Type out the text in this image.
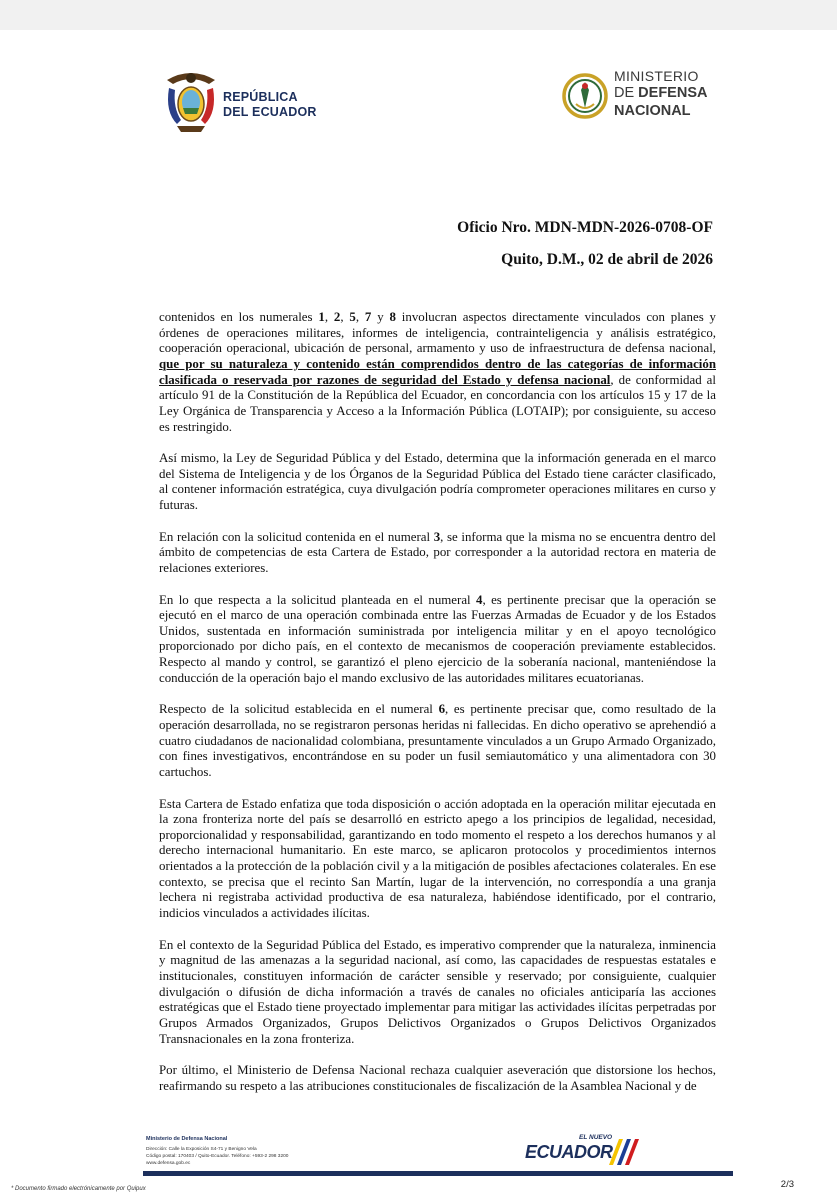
REPÚBLICA
DEL ECUADOR
MINISTERIO
DE DEFENSA
NACIONAL
Oficio Nro. MDN-MDN-2026-0708-OF
Quito, D.M., 02 de abril de 2026

contenidos en los numerales 1, 2, 5, 7 y 8 involucran aspectos directamente vinculados con planes y órdenes de operaciones militares, informes de inteligencia, contrainteligencia y análisis estratégico, cooperación operacional, ubicación de personal, armamento y uso de infraestructura de defensa nacional, que por su naturaleza y contenido están comprendidos dentro de las categorías de información clasificada o reservada por razones de seguridad del Estado y defensa nacional, de conformidad al artículo 91 de la Constitución de la República del Ecuador, en concordancia con los artículos 15 y 17 de la Ley Orgánica de Transparencia y Acceso a la Información Pública (LOTAIP); por consiguiente, su acceso es restringido.

Así mismo, la Ley de Seguridad Pública y del Estado, determina que la información generada en el marco del Sistema de Inteligencia y de los Órganos de la Seguridad Pública del Estado tiene carácter clasificado, al contener información estratégica, cuya divulgación podría comprometer operaciones militares en curso y futuras.

En relación con la solicitud contenida en el numeral 3, se informa que la misma no se encuentra dentro del ámbito de competencias de esta Cartera de Estado, por corresponder a la autoridad rectora en materia de relaciones exteriores.

En lo que respecta a la solicitud planteada en el numeral 4, es pertinente precisar que la operación se ejecutó en el marco de una operación combinada entre las Fuerzas Armadas de Ecuador y de los Estados Unidos, sustentada en información suministrada por inteligencia militar y en el apoyo tecnológico proporcionado por dicho país, en el contexto de mecanismos de cooperación previamente establecidos. Respecto al mando y control, se garantizó el pleno ejercicio de la soberanía nacional, manteniéndose la conducción de la operación bajo el mando exclusivo de las autoridades militares ecuatorianas.

Respecto de la solicitud establecida en el numeral 6, es pertinente precisar que, como resultado de la operación desarrollada, no se registraron personas heridas ni fallecidas. En dicho operativo se aprehendió a cuatro ciudadanos de nacionalidad colombiana, presuntamente vinculados a un Grupo Armado Organizado, con fines investigativos, encontrándose en su poder un fusil semiautomático y una alimentadora con 30 cartuchos.

Esta Cartera de Estado enfatiza que toda disposición o acción adoptada en la operación militar ejecutada en la zona fronteriza norte del país se desarrolló en estricto apego a los principios de legalidad, necesidad, proporcionalidad y responsabilidad, garantizando en todo momento el respeto a los derechos humanos y al derecho internacional humanitario. En este marco, se aplicaron protocolos y procedimientos internos orientados a la protección de la población civil y a la mitigación de posibles afectaciones colaterales. En ese contexto, se precisa que el recinto San Martín, lugar de la intervención, no correspondía a una granja lechera ni registraba actividad productiva de esa naturaleza, habiéndose identificado, por el contrario, indicios vinculados a actividades ilícitas.

En el contexto de la Seguridad Pública del Estado, es imperativo comprender que la naturaleza, inminencia y magnitud de las amenazas a la seguridad nacional, así como, las capacidades de respuestas estatales e institucionales, constituyen información de carácter sensible y reservado; por consiguiente, cualquier divulgación o difusión de dicha información a través de canales no oficiales anticiparía las acciones estratégicas que el Estado tiene proyectado implementar para mitigar las actividades ilícitas perpetradas por Grupos Armados Organizados, Grupos Delictivos Organizados o Grupos Delictivos Organizados Transnacionales en la zona fronteriza.

Por último, el Ministerio de Defensa Nacional rechaza cualquier aseveración que distorsione los hechos, reafirmando su respeto a las atribuciones constitucionales de fiscalización de la Asamblea Nacional y de

Ministerio de Defensa Nacional
Dirección: Calle la Exposición S4-71 y Benigno Vela
Código postal: 170403 / Quito-Ecuador. Teléfono: +593-2 298 3200
www.defensa.gob.ec
EL NUEVO
ECUADOR
2/3
* Documento firmado electrónicamente por Quipux
